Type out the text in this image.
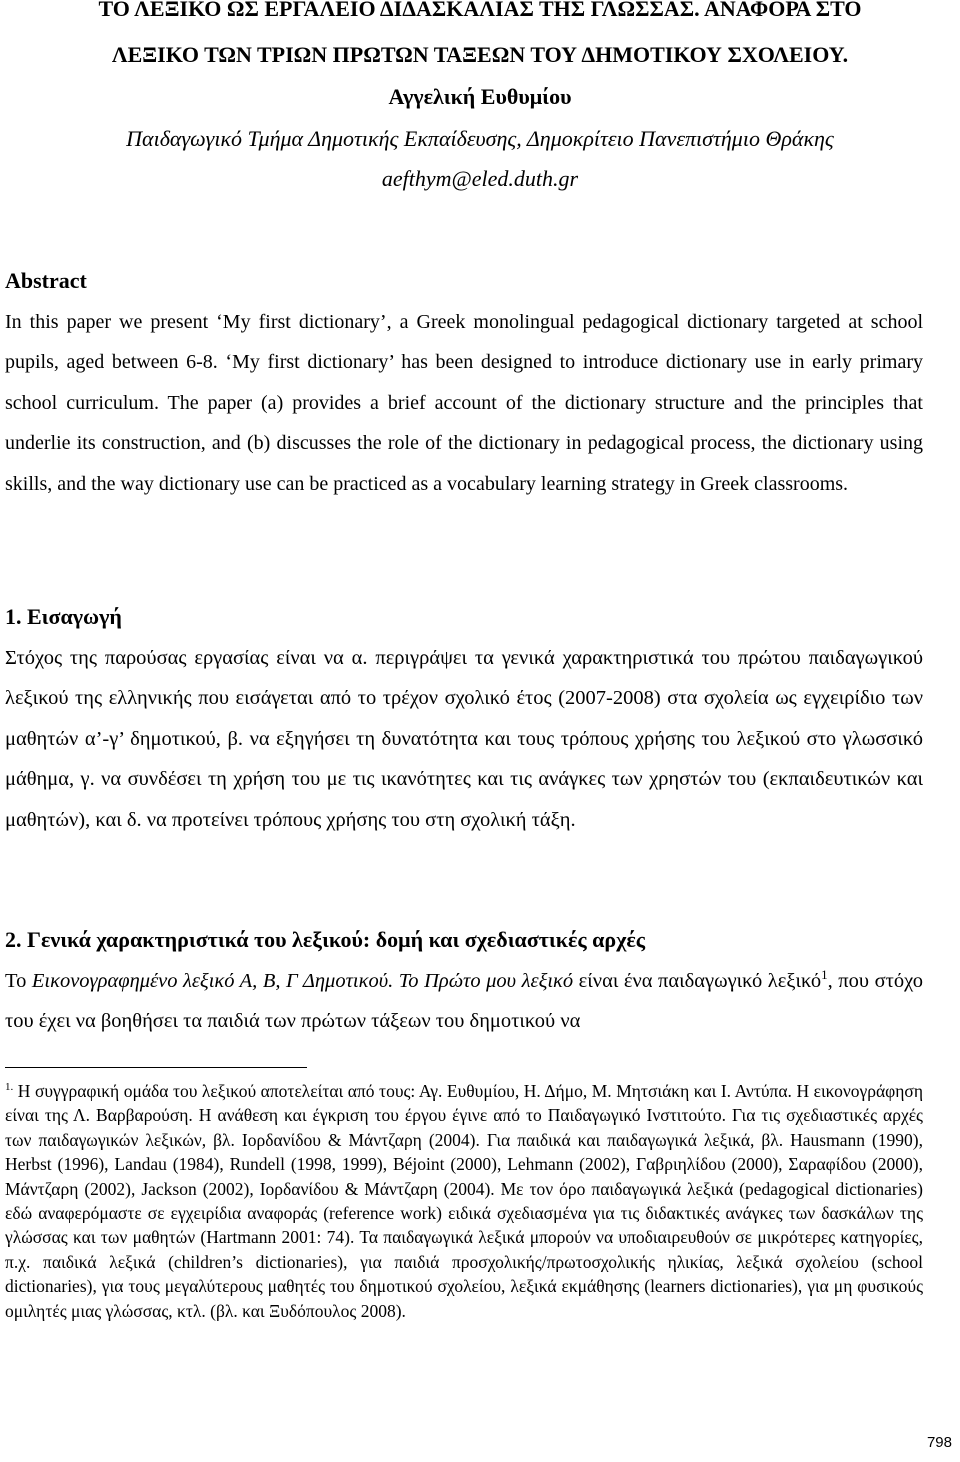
ΤΟ ΛΕΞΙΚΟ ΩΣ ΕΡΓΑΛΕΙΟ ΔΙΔΑΣΚΑΛΙΑΣ ΤΗΣ ΓΛΩΣΣΑΣ. ΑΝΑΦΟΡΑ ΣΤΟ
ΛΕΞΙΚΟ ΤΩΝ ΤΡΙΩΝ ΠΡΩΤΩΝ ΤΑΞΕΩΝ ΤΟΥ ΔΗΜΟΤΙΚΟΥ ΣΧΟΛΕΙΟΥ.

Αγγελική Ευθυμίου

Παιδαγωγικό Τμήμα Δημοτικής Εκπαίδευσης, Δημοκρίτειο Πανεπιστήμιο Θράκης

aefthym@eled.duth.gr

Abstract

In this paper we present ‘My first dictionary’, a Greek monolingual pedagogical dictionary targeted at school pupils, aged between 6-8. ‘My first dictionary’ has been designed to introduce dictionary use in early primary school curriculum. The paper (a) provides a brief account of the dictionary structure and the principles that underlie its construction, and (b) discusses the role of the dictionary in pedagogical process, the dictionary using skills, and the way dictionary use can be practiced as a vocabulary learning strategy in Greek classrooms.

1. Εισαγωγή

Στόχος της παρούσας εργασίας είναι να α. περιγράψει τα γενικά χαρακτηριστικά του πρώτου παιδαγωγικού λεξικού της ελληνικής που εισάγεται από το τρέχον σχολικό έτος (2007-2008) στα σχολεία ως εγχειρίδιο των μαθητών α’-γ’ δημοτικού, β. να εξηγήσει τη δυνατότητα και τους τρόπους χρήσης του λεξικού στο γλωσσικό μάθημα, γ. να συνδέσει τη χρήση του με τις ικανότητες και τις ανάγκες των χρηστών του (εκπαιδευτικών και μαθητών), και δ. να προτείνει τρόπους χρήσης του στη σχολική τάξη.

2. Γενικά χαρακτηριστικά του λεξικού: δομή και σχεδιαστικές αρχές

Το Εικονογραφημένο λεξικό Α, Β, Γ Δημοτικού. Το Πρώτο μου λεξικό είναι ένα παιδαγωγικό λεξικό$^1$, που στόχο του έχει να βοηθήσει τα παιδιά των πρώτων τάξεων του δημοτικού να

$^{1.}$ Η συγγραφική ομάδα του λεξικού αποτελείται από τους: Αγ. Ευθυμίου, Η. Δήμο, Μ. Μητσιάκη και Ι. Αντύπα. Η εικονογράφηση είναι της Λ. Βαρβαρούση. Η ανάθεση και έγκριση του έργου έγινε από το Παιδαγωγικό Ινστιτούτο. Για τις σχεδιαστικές αρχές των παιδαγωγικών λεξικών, βλ. Ιορδανίδου & Μάντζαρη (2004). Για παιδικά και παιδαγωγικά λεξικά, βλ. Hausmann (1990), Herbst (1996), Landau (1984), Rundell (1998, 1999), Béjoint (2000), Lehmann (2002), Γαβριηλίδου (2000), Σαραφίδου (2000), Μάντζαρη (2002), Jackson (2002), Ιορδανίδου & Μάντζαρη (2004). Με τον όρο παιδαγωγικά λεξικά (pedagogical dictionaries) εδώ αναφερόμαστε σε εγχειρίδια αναφοράς (reference work) ειδικά σχεδιασμένα για τις διδακτικές ανάγκες των δασκάλων της γλώσσας και των μαθητών (Hartmann 2001: 74). Τα παιδαγωγικά λεξικά μπορούν να υποδιαιρευθούν σε μικρότερες κατηγορίες, π.χ. παιδικά λεξικά (children’s dictionaries), για παιδιά προσχολικής/πρωτοσχολικής ηλικίας, λεξικά σχολείου (school dictionaries), για τους μεγαλύτερους μαθητές του δημοτικού σχολείου, λεξικά εκμάθησης (learners dictionaries), για μη φυσικούς ομιλητές μιας γλώσσας, κτλ. (βλ. και Ξυδόπουλος 2008).

798
